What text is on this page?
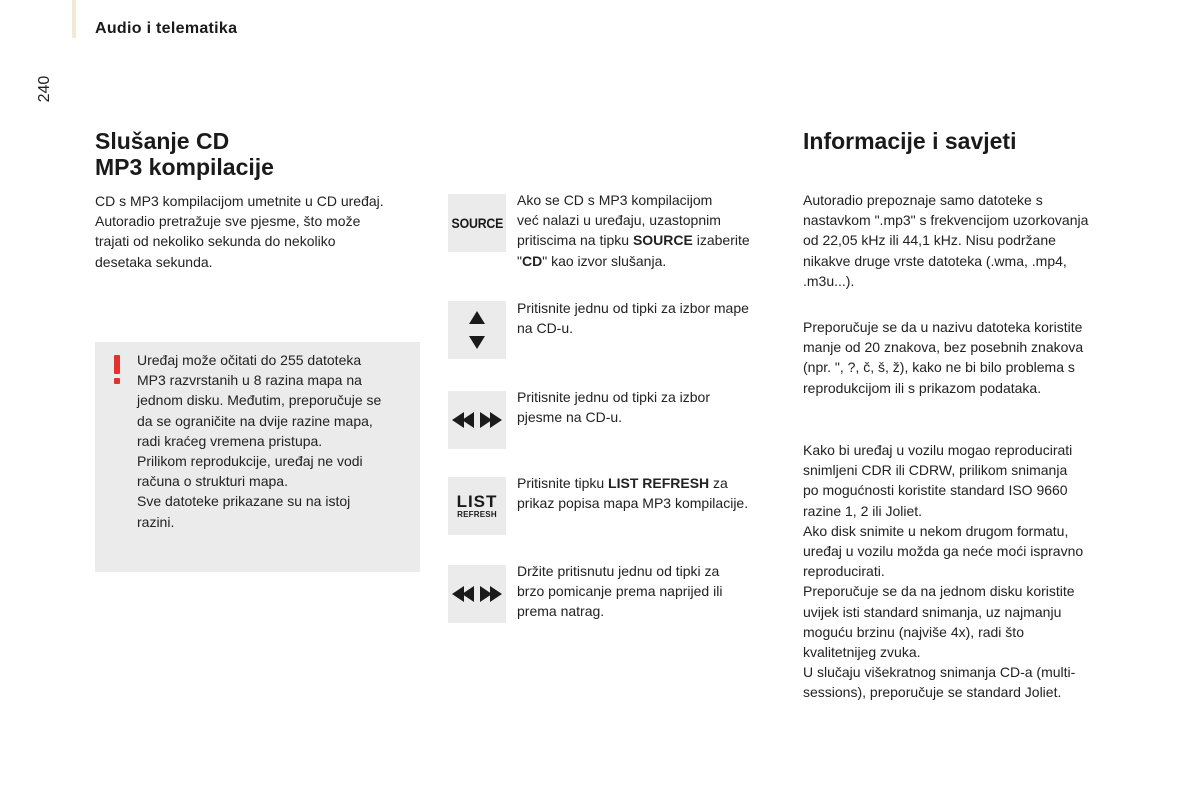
Audio i telematika
240
Slušanje CD
MP3 kompilacije
CD s MP3 kompilacijom umetnite u CD uređaj.
Autoradio pretražuje sve pjesme, što može
trajati od nekoliko sekunda do nekoliko
desetaka sekunda.
Uređaj može očitati do 255 datoteka
MP3 razvrstanih u 8 razina mapa na
jednom disku. Međutim, preporučuje se
da se ograničite na dvije razine mapa,
radi kraćeg vremena pristupa.
Prilikom reprodukcije, uređaj ne vodi
računa o strukturi mapa.
Sve datoteke prikazane su na istoj
razini.
SOURCE
Ako se CD s MP3 kompilacijom
već nalazi u uređaju, uzastopnim
pritiscima na tipku SOURCE izaberite
"CD" kao izvor slušanja.
Pritisnite jednu od tipki za izbor mape
na CD-u.
Pritisnite jednu od tipki za izbor
pjesme na CD-u.
LIST
REFRESH
Pritisnite tipku LIST REFRESH za
prikaz popisa mapa MP3 kompilacije.
Držite pritisnutu jednu od tipki za
brzo pomicanje prema naprijed ili
prema natrag.
Informacije i savjeti
Autoradio prepoznaje samo datoteke s
nastavkom ".mp3" s frekvencijom uzorkovanja
od 22,05 kHz ili 44,1 kHz. Nisu podržane
nikakve druge vrste datoteka (.wma, .mp4,
.m3u...).
Preporučuje se da u nazivu datoteka koristite
manje od 20 znakova, bez posebnih znakova
(npr. ", ?, č, š, ž), kako ne bi bilo problema s
reprodukcijom ili s prikazom podataka.
Kako bi uređaj u vozilu mogao reproducirati
snimljeni CDR ili CDRW, prilikom snimanja
po mogućnosti koristite standard ISO 9660
razine 1, 2 ili Joliet.
Ako disk snimite u nekom drugom formatu,
uređaj u vozilu možda ga neće moći ispravno
reproducirati.
Preporučuje se da na jednom disku koristite
uvijek isti standard snimanja, uz najmanju
moguću brzinu (najviše 4x), radi što
kvalitetnijeg zvuka.
U slučaju višekratnog snimanja CD-a (multi-
sessions), preporučuje se standard Joliet.
